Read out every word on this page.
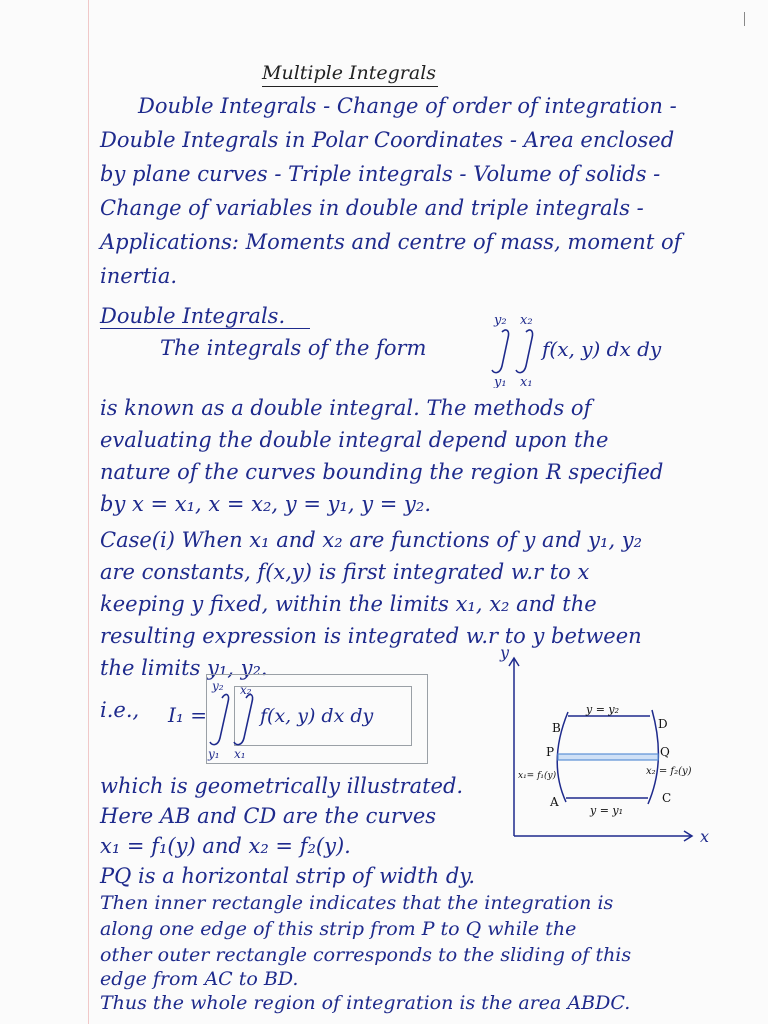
Multiple Integrals
Double Integrals - Change of order of integration -
Double Integrals in Polar Coordinates - Area enclosed
by plane curves - Triple integrals - Volume of solids -
Change of variables in double and triple integrals -
Applications: Moments and centre of mass, moment of
inertia.
Double Integrals.
The integrals of the form
y₂
y₁
x₂
x₁
f(x, y) dx dy
is known as a double integral. The methods of
evaluating the double integral depend upon the
nature of the curves bounding the region R specified
by x = x₁, x = x₂, y = y₁, y = y₂.
Case(i) When x₁ and x₂ are functions of y and y₁, y₂
are constants, f(x,y) is first integrated w.r to x
keeping y fixed, within the limits x₁, x₂ and the
resulting expression is integrated w.r to y between
the limits y₁, y₂.
i.e., I₁ =
y₂
y₁
x₂
x₁
f(x, y) dx dy
y
x
B	D
P	Q
A	C
y = y₂
y = y₁
x₁= f₁(y)	x₂ = f₂(y)
which is geometrically illustrated.
Here AB and CD are the curves
x₁ = f₁(y) and x₂ = f₂(y).
PQ is a horizontal strip of width dy.
Then inner rectangle indicates that the integration is
along one edge of this strip from P to Q while the
other outer rectangle corresponds to the sliding of this
edge from AC to BD.
Thus the whole region of integration is the area ABDC.
